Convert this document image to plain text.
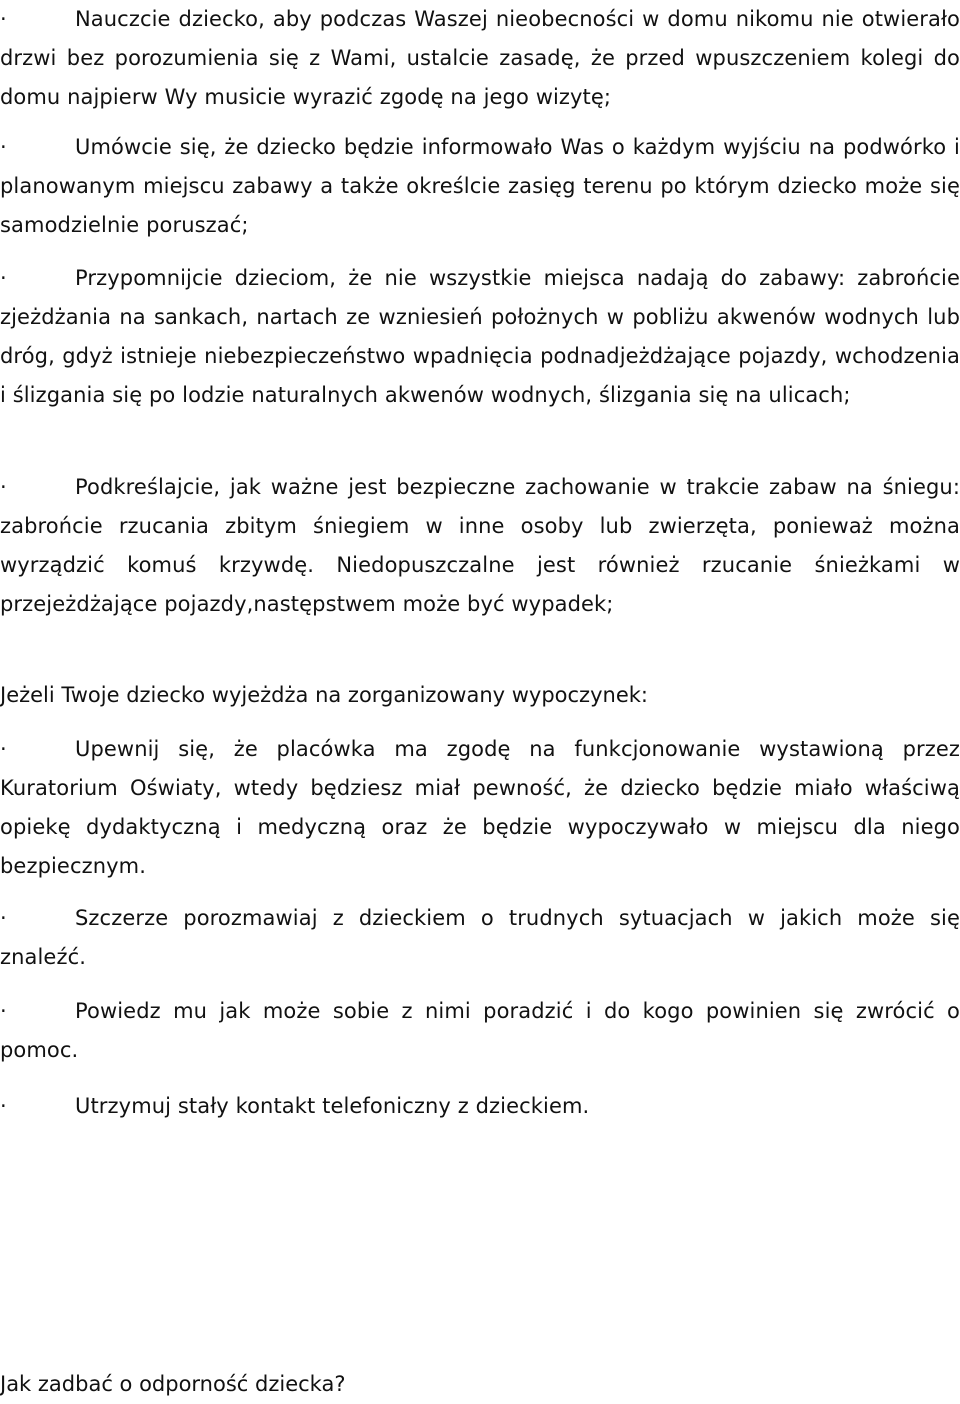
·	Nauczcie dziecko, aby podczas Waszej nieobecności w domu nikomu nie otwierało drzwi bez porozumienia się z Wami, ustalcie zasadę, że przed wpuszczeniem kolegi do domu najpierw Wy musicie wyrazić zgodę na jego wizytę;

·	Umówcie się, że dziecko będzie informowało Was o każdym wyjściu na podwórko i planowanym miejscu zabawy a także określcie zasięg terenu po którym dziecko może się samodzielnie poruszać;

·	Przypomnijcie dzieciom, że nie wszystkie miejsca nadają do zabawy: zabrońcie zjeżdżania na sankach, nartach ze wzniesień położnych w pobliżu akwenów wodnych lub dróg, gdyż istnieje niebezpieczeństwo wpadnięcia podnadjeżdżające pojazdy, wchodzenia i ślizgania się po lodzie naturalnych akwenów wodnych, ślizgania się na ulicach;

·	Podkreślajcie, jak ważne jest bezpieczne zachowanie w trakcie zabaw na śniegu: zabrońcie rzucania zbitym śniegiem w inne osoby lub zwierzęta, ponieważ można wyrządzić komuś krzywdę. Niedopuszczalne jest również rzucanie śnieżkami w przejeżdżające pojazdy,następstwem może być wypadek;

Jeżeli Twoje dziecko wyjeżdża na zorganizowany wypoczynek:

·	Upewnij się, że placówka ma zgodę na funkcjonowanie wystawioną przez Kuratorium Oświaty, wtedy będziesz miał pewność, że dziecko będzie miało właściwą opiekę dydaktyczną i medyczną oraz że będzie wypoczywało w miejscu dla niego bezpiecznym.

·	Szczerze porozmawiaj z dzieckiem o trudnych sytuacjach w jakich może się znaleźć.

·	Powiedz mu jak może sobie z nimi poradzić i do kogo powinien się zwrócić o pomoc.

·	Utrzymuj stały kontakt telefoniczny z dzieckiem.

Jak zadbać o odporność dziecka?
